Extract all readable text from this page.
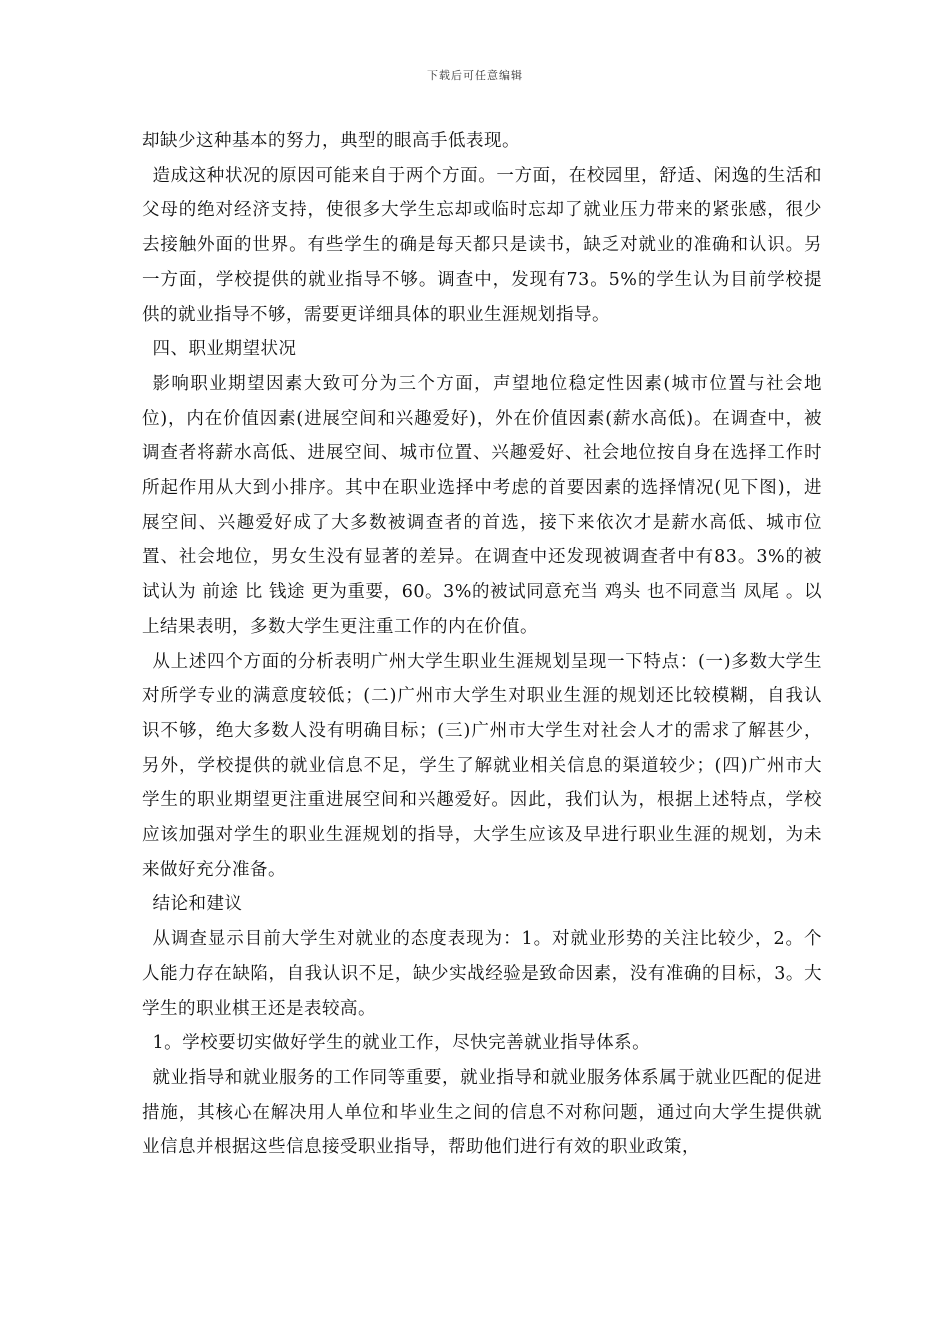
下载后可任意编辑

却缺少这种基本的努力，典型的眼高手低表现。

造成这种状况的原因可能来自于两个方面。一方面，在校园里，舒适、闲逸的生活和父母的绝对经济支持，使很多大学生忘却或临时忘却了就业压力带来的紧张感，很少去接触外面的世界。有些学生的确是每天都只是读书，缺乏对就业的准确和认识。另一方面，学校提供的就业指导不够。调查中，发现有73。5%的学生认为目前学校提供的就业指导不够，需要更详细具体的职业生涯规划指导。

四、职业期望状况

影响职业期望因素大致可分为三个方面，声望地位稳定性因素(城市位置与社会地位)，内在价值因素(进展空间和兴趣爱好)，外在价值因素(薪水高低)。在调查中，被调查者将薪水高低、进展空间、城市位置、兴趣爱好、社会地位按自身在选择工作时所起作用从大到小排序。其中在职业选择中考虑的首要因素的选择情况(见下图)，进展空间、兴趣爱好成了大多数被调查者的首选，接下来依次才是薪水高低、城市位置、社会地位，男女生没有显著的差异。在调查中还发现被调查者中有83。3%的被试认为 前途 比 钱途 更为重要，60。3%的被试同意充当 鸡头 也不同意当 凤尾 。以上结果表明，多数大学生更注重工作的内在价值。

从上述四个方面的分析表明广州大学生职业生涯规划呈现一下特点：(一)多数大学生对所学专业的满意度较低；(二)广州市大学生对职业生涯的规划还比较模糊，自我认识不够，绝大多数人没有明确目标；(三)广州市大学生对社会人才的需求了解甚少，另外，学校提供的就业信息不足，学生了解就业相关信息的渠道较少；(四)广州市大学生的职业期望更注重进展空间和兴趣爱好。因此，我们认为，根据上述特点，学校应该加强对学生的职业生涯规划的指导，大学生应该及早进行职业生涯的规划，为未来做好充分准备。

结论和建议

从调查显示目前大学生对就业的态度表现为：1。对就业形势的关注比较少，2。个人能力存在缺陷，自我认识不足，缺少实战经验是致命因素，没有准确的目标，3。大学生的职业棋王还是表较高。

1。学校要切实做好学生的就业工作，尽快完善就业指导体系。

就业指导和就业服务的工作同等重要，就业指导和就业服务体系属于就业匹配的促进措施，其核心在解决用人单位和毕业生之间的信息不对称问题，通过向大学生提供就业信息并根据这些信息接受职业指导，帮助他们进行有效的职业政策，
